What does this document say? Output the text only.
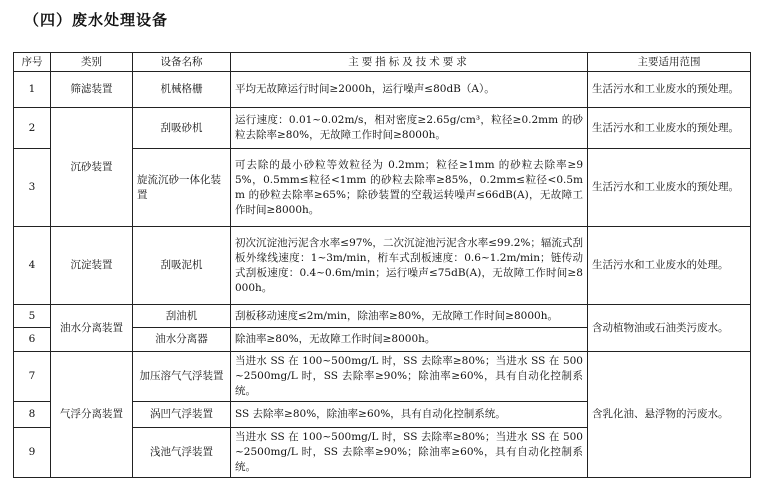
（四）废水处理设备
序号	类别	设备名称	主要指标及技术要求	主要适用范围
1	筛滤装置	机械格栅	平均无故障运行时间≥2000h，运行噪声≤80dB（A）。	生活污水和工业废水的预处理。
2	沉砂装置	刮吸砂机	运行速度：0.01~0.02m/s，相对密度≥2.65g/cm³，粒径≥0.2mm 的砂粒去除率≥80%，无故障工作时间≥8000h。	生活污水和工业废水的预处理。
3		旋流沉砂一体化装置	可去除的最小砂粒等效粒径为 0.2mm；粒径≥1mm 的砂粒去除率≥95%，0.5mm≤粒径<1mm 的砂粒去除率≥85%，0.2mm≤粒径<0.5mm 的砂粒去除率≥65%；除砂装置的空载运转噪声≤66dB(A)，无故障工作时间≥8000h。	生活污水和工业废水的预处理。
4	沉淀装置	刮吸泥机	初次沉淀池污泥含水率≤97%，二次沉淀池污泥含水率≤99.2%；辐流式刮板外缘线速度：1~3m/min，桁车式刮板速度：0.6~1.2m/min；链传动式刮板速度：0.4~0.6m/min；运行噪声≤75dB(A)，无故障工作时间≥8000h。	生活污水和工业废水的处理。
5	油水分离装置	刮油机	刮板移动速度≤2m/min，除油率≥80%，无故障工作时间≥8000h。	含动植物油或石油类污废水。
6		油水分离器	除油率≥80%，无故障工作时间≥8000h。	
7	气浮分离装置	加压溶气气浮装置	当进水 SS 在 100~500mg/L 时，SS 去除率≥80%；当进水 SS 在 500~2500mg/L 时，SS 去除率≥90%；除油率≥60%，具有自动化控制系统。	含乳化油、悬浮物的污废水。
8		涡凹气浮装置	SS 去除率≥80%，除油率≥60%，具有自动化控制系统。	
9		浅池气浮装置	当进水 SS 在 100~500mg/L 时，SS 去除率≥80%；当进水 SS 在 500~2500mg/L 时，SS 去除率≥90%；除油率≥60%，具有自动化控制系统。	
